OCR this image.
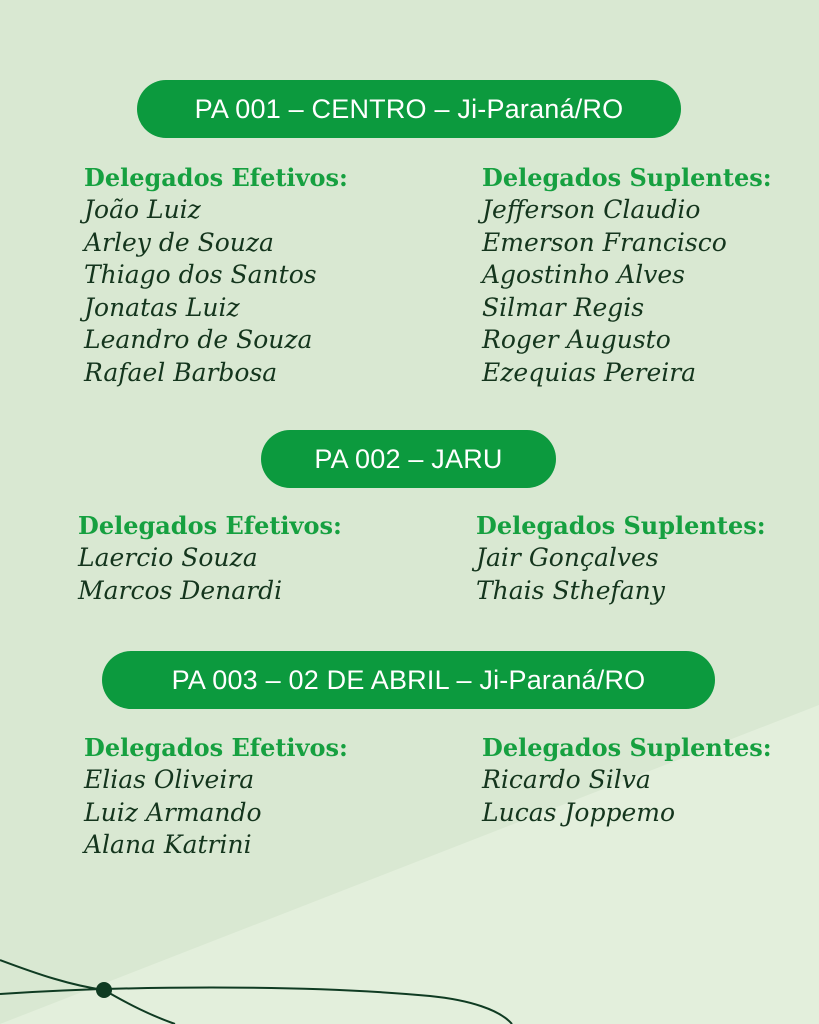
PA 001 – CENTRO – Ji-Paraná/RO
Delegados Efetivos:
João Luiz
Arley de Souza
Thiago dos Santos
Jonatas Luiz
Leandro de Souza
Rafael Barbosa
Delegados Suplentes:
Jefferson Claudio
Emerson Francisco
Agostinho Alves
Silmar Regis
Roger Augusto
Ezequias Pereira
PA 002 – JARU
Delegados Efetivos:
Laercio Souza
Marcos Denardi
Delegados Suplentes:
Jair Gonçalves
Thais Sthefany
PA 003 – 02 DE ABRIL – Ji-Paraná/RO
Delegados Efetivos:
Elias Oliveira
Luiz Armando
Alana Katrini
Delegados Suplentes:
Ricardo Silva
Lucas Joppemo
